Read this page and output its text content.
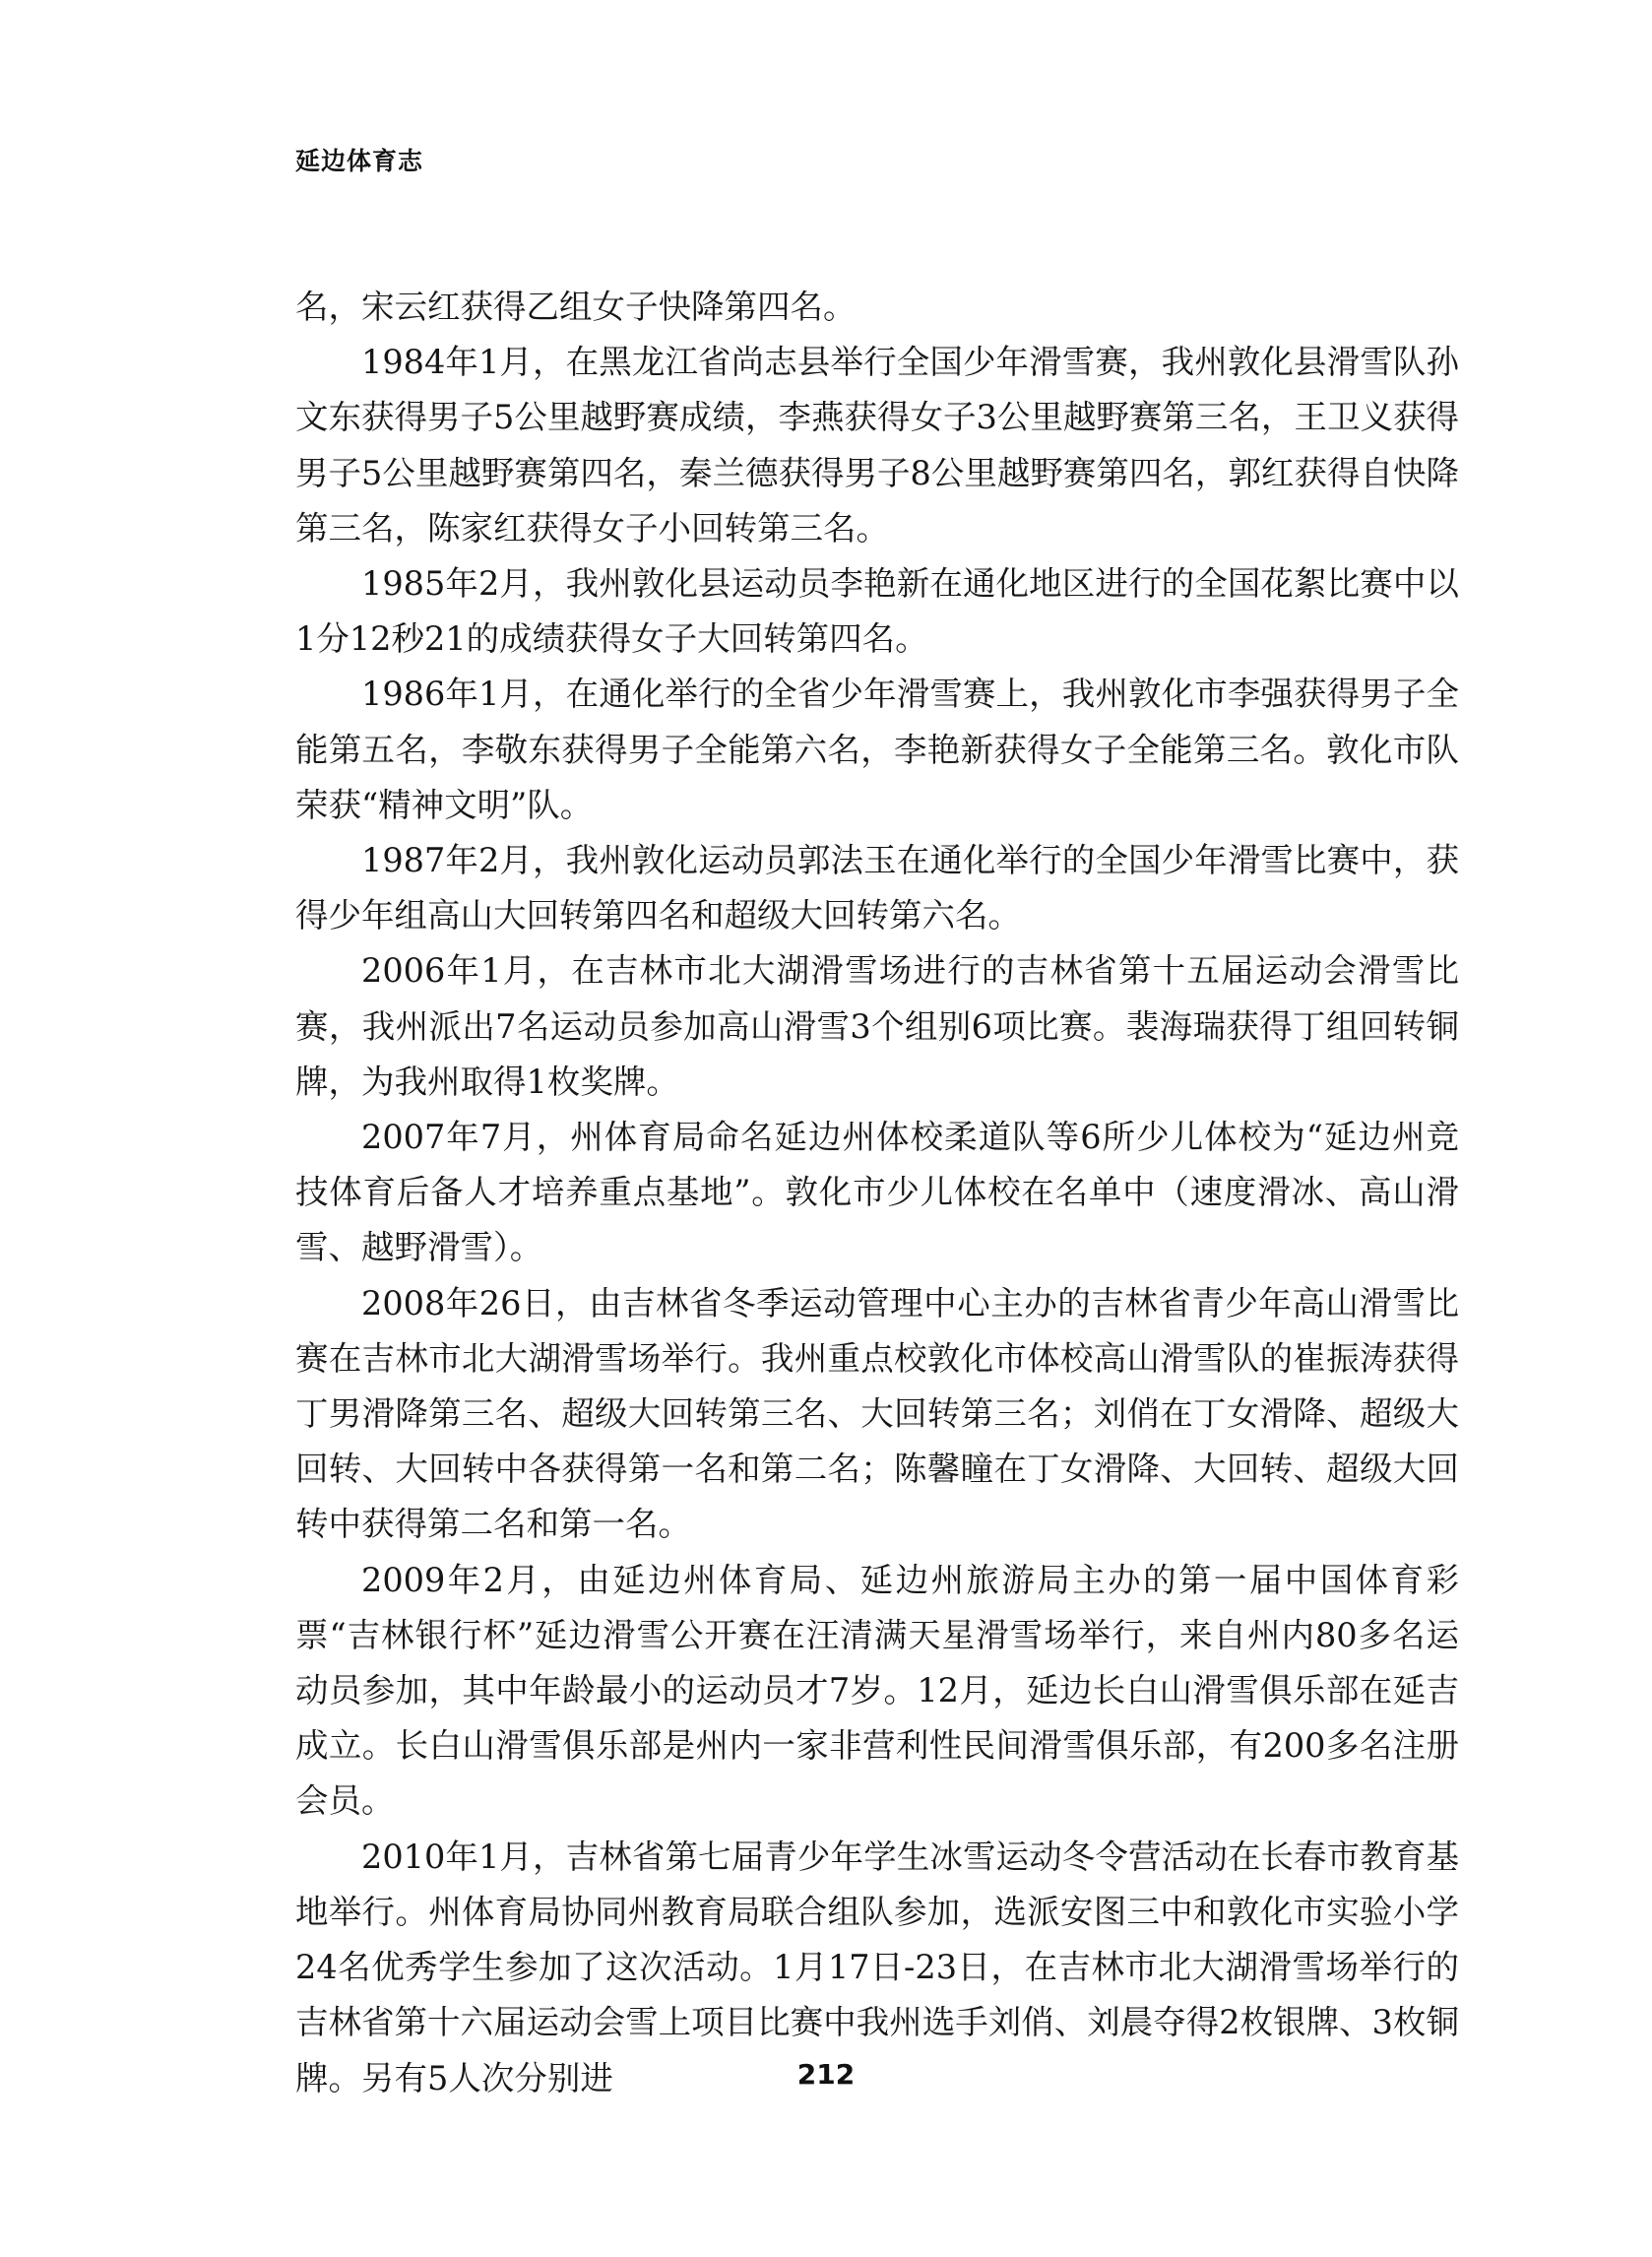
延边体育志

名，宋云红获得乙组女子快降第四名。

1984年1月，在黑龙江省尚志县举行全国少年滑雪赛，我州敦化县滑雪队孙文东获得男子5公里越野赛成绩，李燕获得女子3公里越野赛第三名，王卫义获得男子5公里越野赛第四名，秦兰德获得男子8公里越野赛第四名，郭红获得自快降第三名，陈家红获得女子小回转第三名。

1985年2月，我州敦化县运动员李艳新在通化地区进行的全国花絮比赛中以1分12秒21的成绩获得女子大回转第四名。

1986年1月，在通化举行的全省少年滑雪赛上，我州敦化市李强获得男子全能第五名，李敬东获得男子全能第六名，李艳新获得女子全能第三名。敦化市队荣获“精神文明”队。

1987年2月，我州敦化运动员郭法玉在通化举行的全国少年滑雪比赛中，获得少年组高山大回转第四名和超级大回转第六名。

2006年1月，在吉林市北大湖滑雪场进行的吉林省第十五届运动会滑雪比赛，我州派出7名运动员参加高山滑雪3个组别6项比赛。裴海瑞获得丁组回转铜牌，为我州取得1枚奖牌。

2007年7月，州体育局命名延边州体校柔道队等6所少儿体校为“延边州竞技体育后备人才培养重点基地”。敦化市少儿体校在名单中（速度滑冰、高山滑雪、越野滑雪）。

2008年26日，由吉林省冬季运动管理中心主办的吉林省青少年高山滑雪比赛在吉林市北大湖滑雪场举行。我州重点校敦化市体校高山滑雪队的崔振涛获得丁男滑降第三名、超级大回转第三名、大回转第三名；刘俏在丁女滑降、超级大回转、大回转中各获得第一名和第二名；陈馨瞳在丁女滑降、大回转、超级大回转中获得第二名和第一名。

2009年2月，由延边州体育局、延边州旅游局主办的第一届中国体育彩票“吉林银行杯”延边滑雪公开赛在汪清满天星滑雪场举行，来自州内80多名运动员参加，其中年龄最小的运动员才7岁。12月，延边长白山滑雪俱乐部在延吉成立。长白山滑雪俱乐部是州内一家非营利性民间滑雪俱乐部，有200多名注册会员。

2010年1月，吉林省第七届青少年学生冰雪运动冬令营活动在长春市教育基地举行。州体育局协同州教育局联合组队参加，选派安图三中和敦化市实验小学24名优秀学生参加了这次活动。1月17日-23日，在吉林市北大湖滑雪场举行的吉林省第十六届运动会雪上项目比赛中我州选手刘俏、刘晨夺得2枚银牌、3枚铜牌。另有5人次分别进	212
